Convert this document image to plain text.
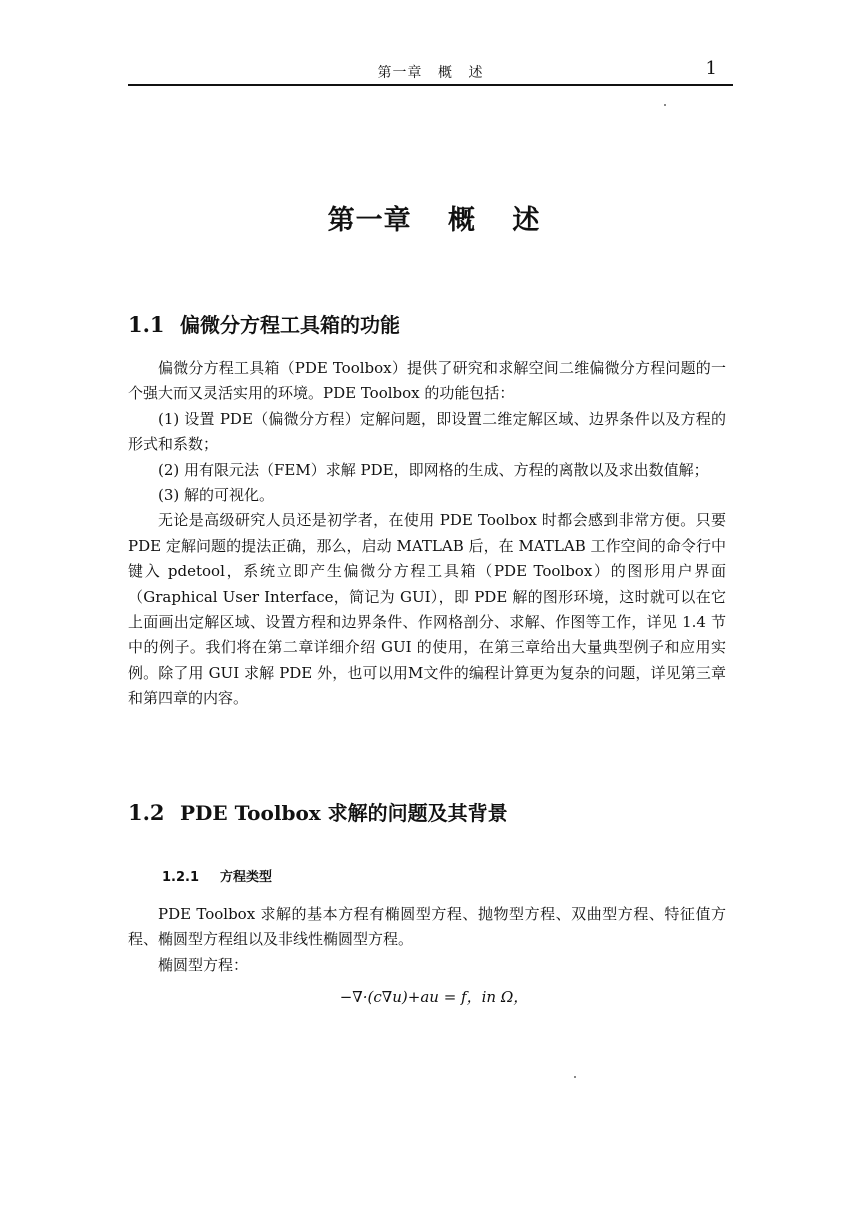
第一章 概 述	1
第一章 概 述
1.1 偏微分方程工具箱的功能

偏微分方程工具箱（PDE Toolbox）提供了研究和求解空间二维偏微分方程问题的一个强大而又灵活实用的环境。PDE Toolbox 的功能包括：

(1) 设置 PDE（偏微分方程）定解问题，即设置二维定解区域、边界条件以及方程的形式和系数；

(2) 用有限元法（FEM）求解 PDE，即网格的生成、方程的离散以及求出数值解；

(3) 解的可视化。

无论是高级研究人员还是初学者，在使用 PDE Toolbox 时都会感到非常方便。只要 PDE 定解问题的提法正确，那么，启动 MATLAB 后，在 MATLAB 工作空间的命令行中键入 pdetool，系统立即产生偏微分方程工具箱（PDE Toolbox）的图形用户界面（Graphical User Interface，简记为 GUI），即 PDE 解的图形环境，这时就可以在它上面画出定解区域、设置方程和边界条件、作网格剖分、求解、作图等工作，详见 1.4 节中的例子。我们将在第二章详细介绍 GUI 的使用，在第三章给出大量典型例子和应用实例。除了用 GUI 求解 PDE 外，也可以用M文件的编程计算更为复杂的问题，详见第三章和第四章的内容。

1.2 PDE Toolbox 求解的问题及其背景
1.2.1 方程类型

PDE Toolbox 求解的基本方程有椭圆型方程、抛物型方程、双曲型方程、特征值方程、椭圆型方程组以及非线性椭圆型方程。

椭圆型方程：

−∇·(c∇u)+au = f，in Ω，
